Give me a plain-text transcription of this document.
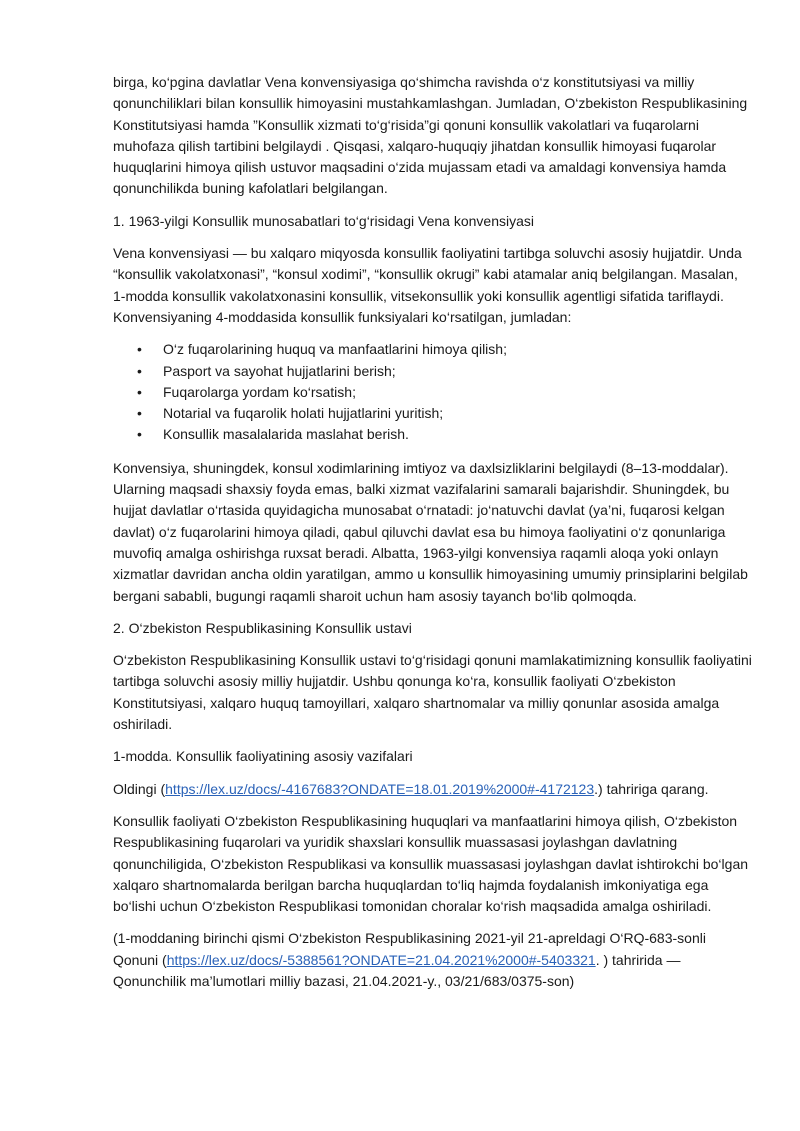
birga, ko‘pgina davlatlar Vena konvensiyasiga qo‘shimcha ravishda o‘z konstitutsiyasi va milliy qonunchiliklari bilan konsullik himoyasini mustahkamlashgan. Jumladan, O‘zbekiston Respublikasining Konstitutsiyasi hamda ”Konsullik xizmati to‘g‘risida”gi qonuni konsullik vakolatlari va fuqarolarni muhofaza qilish tartibini belgilaydi . Qisqasi, xalqaro-huquqiy jihatdan konsullik himoyasi fuqarolar huquqlarini himoya qilish ustuvor maqsadini o‘zida mujassam etadi va amaldagi konvensiya hamda qonunchilikda buning kafolatlari belgilangan.

1. 1963-yilgi Konsullik munosabatlari to‘g‘risidagi Vena konvensiyasi

Vena konvensiyasi — bu xalqaro miqyosda konsullik faoliyatini tartibga soluvchi asosiy hujjatdir. Unda “konsullik vakolatxonasi”, “konsul xodimi”, “konsullik okrugi” kabi atamalar aniq belgilangan. Masalan, 1-modda konsullik vakolatxonasini konsullik, vitsekonsullik yoki konsullik agentligi sifatida tariflaydi. Konvensiyaning 4-moddasida konsullik funksiyalari ko‘rsatilgan, jumladan:

• O‘z fuqarolarining huquq va manfaatlarini himoya qilish;
• Pasport va sayohat hujjatlarini berish;
• Fuqarolarga yordam ko‘rsatish;
• Notarial va fuqarolik holati hujjatlarini yuritish;
• Konsullik masalalarida maslahat berish.

Konvensiya, shuningdek, konsul xodimlarining imtiyoz va daxlsizliklarini belgilaydi (8–13-moddalar). Ularning maqsadi shaxsiy foyda emas, balki xizmat vazifalarini samarali bajarishdir. Shuningdek, bu hujjat davlatlar o‘rtasida quyidagicha munosabat o‘rnatadi: jo‘natuvchi davlat (ya’ni, fuqarosi kelgan davlat) o‘z fuqarolarini himoya qiladi, qabul qiluvchi davlat esa bu himoya faoliyatini o‘z qonunlariga muvofiq amalga oshirishga ruxsat beradi. Albatta, 1963-yilgi konvensiya raqamli aloqa yoki onlayn xizmatlar davridan ancha oldin yaratilgan, ammo u konsullik himoyasining umumiy prinsiplarini belgilab bergani sababli, bugungi raqamli sharoit uchun ham asosiy tayanch bo‘lib qolmoqda.

2. O‘zbekiston Respublikasining Konsullik ustavi

O‘zbekiston Respublikasining Konsullik ustavi to‘g‘risidagi qonuni mamlakatimizning konsullik faoliyatini tartibga soluvchi asosiy milliy hujjatdir. Ushbu qonunga ko‘ra, konsullik faoliyati O‘zbekiston Konstitutsiyasi, xalqaro huquq tamoyillari, xalqaro shartnomalar va milliy qonunlar asosida amalga oshiriladi.

1-modda. Konsullik faoliyatining asosiy vazifalari

Oldingi (https://lex.uz/docs/-4167683?ONDATE=18.01.2019%2000#-4172123.) tahririga qarang.

Konsullik faoliyati O‘zbekiston Respublikasining huquqlari va manfaatlarini himoya qilish, O‘zbekiston Respublikasining fuqarolari va yuridik shaxslari konsullik muassasasi joylashgan davlatning qonunchiligida, O‘zbekiston Respublikasi va konsullik muassasasi joylashgan davlat ishtirokchi bo‘lgan xalqaro shartnomalarda berilgan barcha huquqlardan to‘liq hajmda foydalanish imkoniyatiga ega bo‘lishi uchun O‘zbekiston Respublikasi tomonidan choralar ko‘rish maqsadida amalga oshiriladi.

(1-moddaning birinchi qismi O‘zbekiston Respublikasining 2021-yil 21-apreldagi O‘RQ-683-sonli Qonuni (https://lex.uz/docs/-5388561?ONDATE=21.04.2021%2000#-5403321. ) tahririda — Qonunchilik ma’lumotlari milliy bazasi, 21.04.2021-y., 03/21/683/0375-son)
